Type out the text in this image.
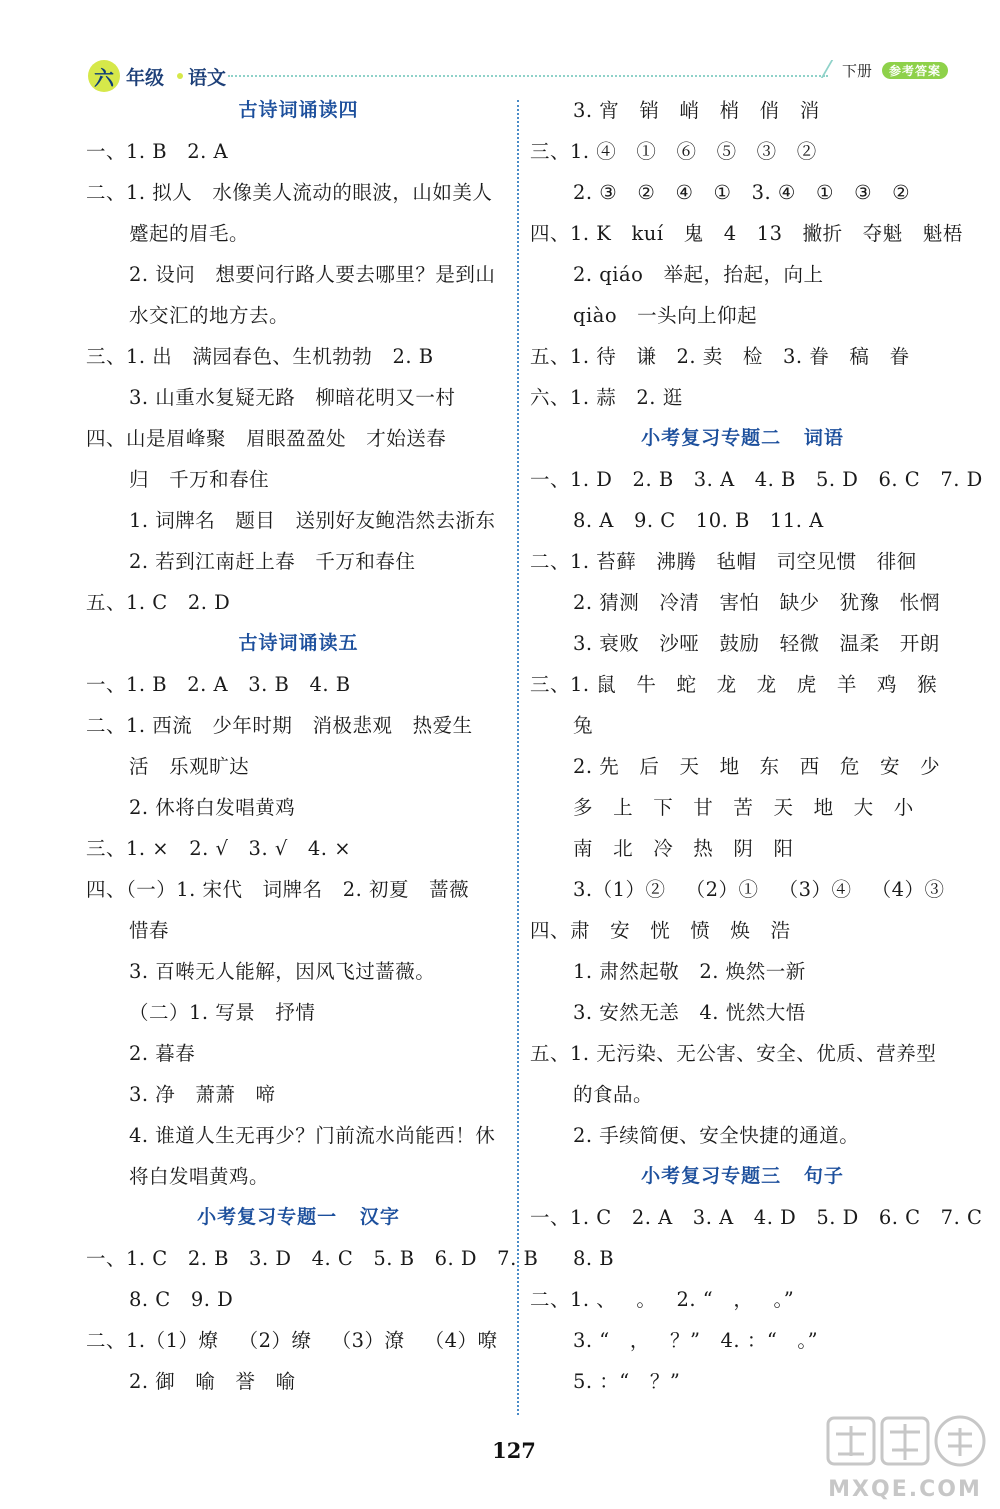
六 年级 语文	下册	参考答案
古诗词诵读四
一、1. B   2. A
二、1. 拟人   水像美人流动的眼波，山如美人
蹙起的眉毛。
2. 设问   想要问行路人要去哪里？是到山
水交汇的地方去。
三、1. 出   满园春色、生机勃勃   2. B
3. 山重水复疑无路   柳暗花明又一村
四、山是眉峰聚   眉眼盈盈处   才始送春
归   千万和春住
1. 词牌名   题目   送别好友鲍浩然去浙东
2. 若到江南赶上春   千万和春住
五、1. C   2. D
古诗词诵读五
一、1. B   2. A   3. B   4. B
二、1. 西流   少年时期   消极悲观   热爱生
活   乐观旷达
2. 休将白发唱黄鸡
三、1. ×   2. √   3. √   4. ×
四、（一）1. 宋代   词牌名   2. 初夏   蔷薇
惜春
3. 百啭无人能解，因风飞过蔷薇。
（二）1. 写景   抒情
2. 暮春
3. 净   萧萧   啼
4. 谁道人生无再少？门前流水尚能西！休
将白发唱黄鸡。
小考复习专题一   汉字
一、1. C   2. B   3. D   4. C   5. B   6. D   7. B
8. C   9. D
二、1.（1）燎   （2）缭   （3）潦   （4）嘹
2. 御   喻   誉   喻
3. 宵   销   峭   梢   俏   消
三、1. ④   ①   ⑥   ⑤   ③   ②
2. ③   ②   ④   ①   3. ④   ①   ③   ②
四、1. K   kuí   鬼   4   13   撇折   夺魁   魁梧
2. qiáo   举起，抬起，向上
qiào   一头向上仰起
五、1. 待   谦   2. 卖   检   3. 眷   稿   眷
六、1. 蒜   2. 逛
小考复习专题二   词语
一、1. D   2. B   3. A   4. B   5. D   6. C   7. D
8. A   9. C   10. B   11. A
二、1. 苔藓   沸腾   毡帽   司空见惯   徘徊
2. 猜测   冷清   害怕   缺少   犹豫   怅惘
3. 衰败   沙哑   鼓励   轻微   温柔   开朗
三、1. 鼠   牛   蛇   龙   龙   虎   羊   鸡   猴
兔
2. 先   后   天   地   东   西   危   安   少
多   上   下   甘   苦   天   地   大   小
南   北   冷   热   阴   阳
3.（1）②   （2）①   （3）④   （4）③
四、肃   安   恍   愤   焕   浩
1. 肃然起敬   2. 焕然一新
3. 安然无恙   4. 恍然大悟
五、1. 无污染、无公害、安全、优质、营养型
的食品。
2. 手续简便、安全快捷的通道。
小考复习专题三   句子
一、1. C   2. A   3. A   4. D   5. D   6. C   7. C
8. B
二、1. 、   。   2. “   ，   。”
3. “   ，   ？”   4. ：“   。”
5. ：“   ？”
127
MXQE.COM
